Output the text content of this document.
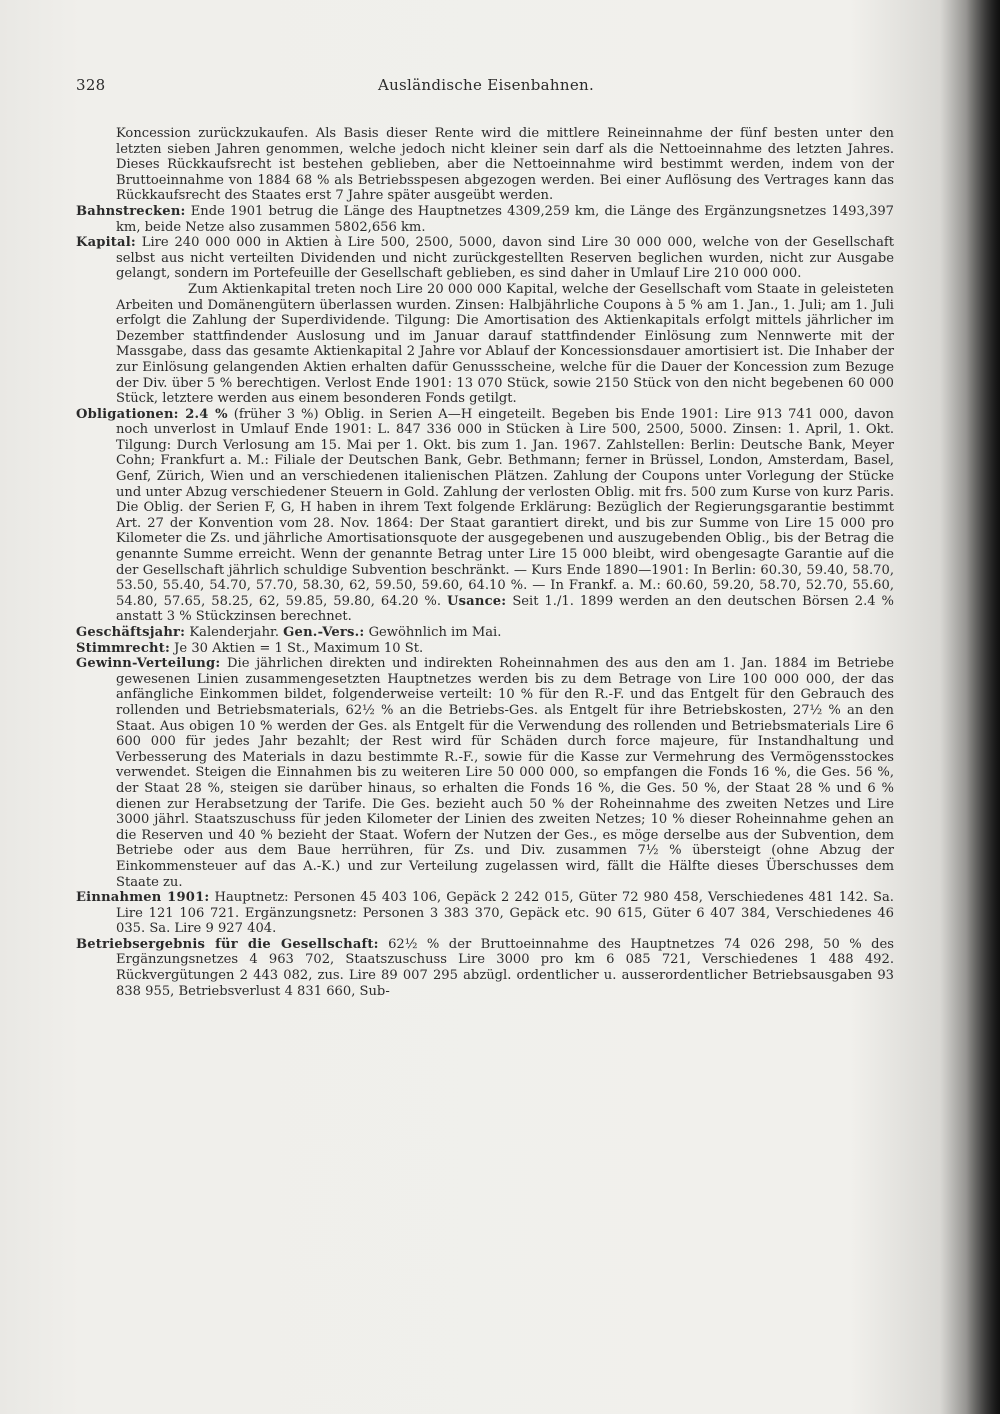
328	Ausländische Eisenbahnen.

Koncession zurückzukaufen. Als Basis dieser Rente wird die mittlere Reineinnahme der fünf besten unter den letzten sieben Jahren genommen, welche jedoch nicht kleiner sein darf als die Nettoeinnahme des letzten Jahres. Dieses Rückkaufsrecht ist bestehen geblieben, aber die Nettoeinnahme wird bestimmt werden, indem von der Bruttoeinnahme von 1884 68 % als Betriebsspesen abgezogen werden. Bei einer Auflösung des Vertrages kann das Rückkaufsrecht des Staates erst 7 Jahre später ausgeübt werden.

Bahnstrecken: Ende 1901 betrug die Länge des Hauptnetzes 4309,259 km, die Länge des Ergänzungsnetzes 1493,397 km, beide Netze also zusammen 5802,656 km.

Kapital: Lire 240 000 000 in Aktien à Lire 500, 2500, 5000, davon sind Lire 30 000 000, welche von der Gesellschaft selbst aus nicht verteilten Dividenden und nicht zurückgestellten Reserven beglichen wurden, nicht zur Ausgabe gelangt, sondern im Portefeuille der Gesellschaft geblieben, es sind daher in Umlauf Lire 210 000 000.

Zum Aktienkapital treten noch Lire 20 000 000 Kapital, welche der Gesellschaft vom Staate in geleisteten Arbeiten und Domänengütern überlassen wurden. Zinsen: Halbjährliche Coupons à 5 % am 1. Jan., 1. Juli; am 1. Juli erfolgt die Zahlung der Superdividende. Tilgung: Die Amortisation des Aktienkapitals erfolgt mittels jährlicher im Dezember stattfindender Auslosung und im Januar darauf stattfindender Einlösung zum Nennwerte mit der Massgabe, dass das gesamte Aktienkapital 2 Jahre vor Ablauf der Koncessionsdauer amortisiert ist. Die Inhaber der zur Einlösung gelangenden Aktien erhalten dafür Genussscheine, welche für die Dauer der Koncession zum Bezuge der Div. über 5 % berechtigen. Verlost Ende 1901: 13 070 Stück, sowie 2150 Stück von den nicht begebenen 60 000 Stück, letztere werden aus einem besonderen Fonds getilgt.

Obligationen: 2.4 % (früher 3 %) Oblig. in Serien A—H eingeteilt. Begeben bis Ende 1901: Lire 913 741 000, davon noch unverlost in Umlauf Ende 1901: L. 847 336 000 in Stücken à Lire 500, 2500, 5000. Zinsen: 1. April, 1. Okt. Tilgung: Durch Verlosung am 15. Mai per 1. Okt. bis zum 1. Jan. 1967. Zahlstellen: Berlin: Deutsche Bank, Meyer Cohn; Frankfurt a. M.: Filiale der Deutschen Bank, Gebr. Bethmann; ferner in Brüssel, London, Amsterdam, Basel, Genf, Zürich, Wien und an verschiedenen italienischen Plätzen. Zahlung der Coupons unter Vorlegung der Stücke und unter Abzug verschiedener Steuern in Gold. Zahlung der verlosten Oblig. mit frs. 500 zum Kurse von kurz Paris. Die Oblig. der Serien F, G, H haben in ihrem Text folgende Erklärung: Bezüglich der Regierungsgarantie bestimmt Art. 27 der Konvention vom 28. Nov. 1864: Der Staat garantiert direkt, und bis zur Summe von Lire 15 000 pro Kilometer die Zs. und jährliche Amortisationsquote der ausgegebenen und auszugebenden Oblig., bis der Betrag die genannte Summe erreicht. Wenn der genannte Betrag unter Lire 15 000 bleibt, wird obengesagte Garantie auf die der Gesellschaft jährlich schuldige Subvention beschränkt. — Kurs Ende 1890—1901: In Berlin: 60.30, 59.40, 58.70, 53.50, 55.40, 54.70, 57.70, 58.30, 62, 59.50, 59.60, 64.10 %. — In Frankf. a. M.: 60.60, 59.20, 58.70, 52.70, 55.60, 54.80, 57.65, 58.25, 62, 59.85, 59.80, 64.20 %. Usance: Seit 1./1. 1899 werden an den deutschen Börsen 2.4 % anstatt 3 % Stückzinsen berechnet.

Geschäftsjahr: Kalenderjahr. Gen.-Vers.: Gewöhnlich im Mai.

Stimmrecht: Je 30 Aktien = 1 St., Maximum 10 St.

Gewinn-Verteilung: Die jährlichen direkten und indirekten Roheinnahmen des aus den am 1. Jan. 1884 im Betriebe gewesenen Linien zusammengesetzten Hauptnetzes werden bis zu dem Betrage von Lire 100 000 000, der das anfängliche Einkommen bildet, folgenderweise verteilt: 10 % für den R.-F. und das Entgelt für den Gebrauch des rollenden und Betriebsmaterials, 62½ % an die Betriebs-Ges. als Entgelt für ihre Betriebskosten, 27½ % an den Staat. Aus obigen 10 % werden der Ges. als Entgelt für die Verwendung des rollenden und Betriebsmaterials Lire 6 600 000 für jedes Jahr bezahlt; der Rest wird für Schäden durch force majeure, für Instandhaltung und Verbesserung des Materials in dazu bestimmte R.-F., sowie für die Kasse zur Vermehrung des Vermögensstockes verwendet. Steigen die Einnahmen bis zu weiteren Lire 50 000 000, so empfangen die Fonds 16 %, die Ges. 56 %, der Staat 28 %, steigen sie darüber hinaus, so erhalten die Fonds 16 %, die Ges. 50 %, der Staat 28 % und 6 % dienen zur Herabsetzung der Tarife. Die Ges. bezieht auch 50 % der Roheinnahme des zweiten Netzes und Lire 3000 jährl. Staatszuschuss für jeden Kilometer der Linien des zweiten Netzes; 10 % dieser Roheinnahme gehen an die Reserven und 40 % bezieht der Staat. Wofern der Nutzen der Ges., es möge derselbe aus der Subvention, dem Betriebe oder aus dem Baue herrühren, für Zs. und Div. zusammen 7½ % übersteigt (ohne Abzug der Einkommensteuer auf das A.-K.) und zur Verteilung zugelassen wird, fällt die Hälfte dieses Überschusses dem Staate zu.

Einnahmen 1901: Hauptnetz: Personen 45 403 106, Gepäck 2 242 015, Güter 72 980 458, Verschiedenes 481 142. Sa. Lire 121 106 721. Ergänzungsnetz: Personen 3 383 370, Gepäck etc. 90 615, Güter 6 407 384, Verschiedenes 46 035. Sa. Lire 9 927 404.

Betriebsergebnis für die Gesellschaft: 62½ % der Bruttoeinnahme des Hauptnetzes 74 026 298, 50 % des Ergänzungsnetzes 4 963 702, Staatszuschuss Lire 3000 pro km 6 085 721, Verschiedenes 1 488 492. Rückvergütungen 2 443 082, zus. Lire 89 007 295 abzügl. ordentlicher u. ausserordentlicher Betriebsausgaben 93 838 955, Betriebsverlust 4 831 660, Sub-
